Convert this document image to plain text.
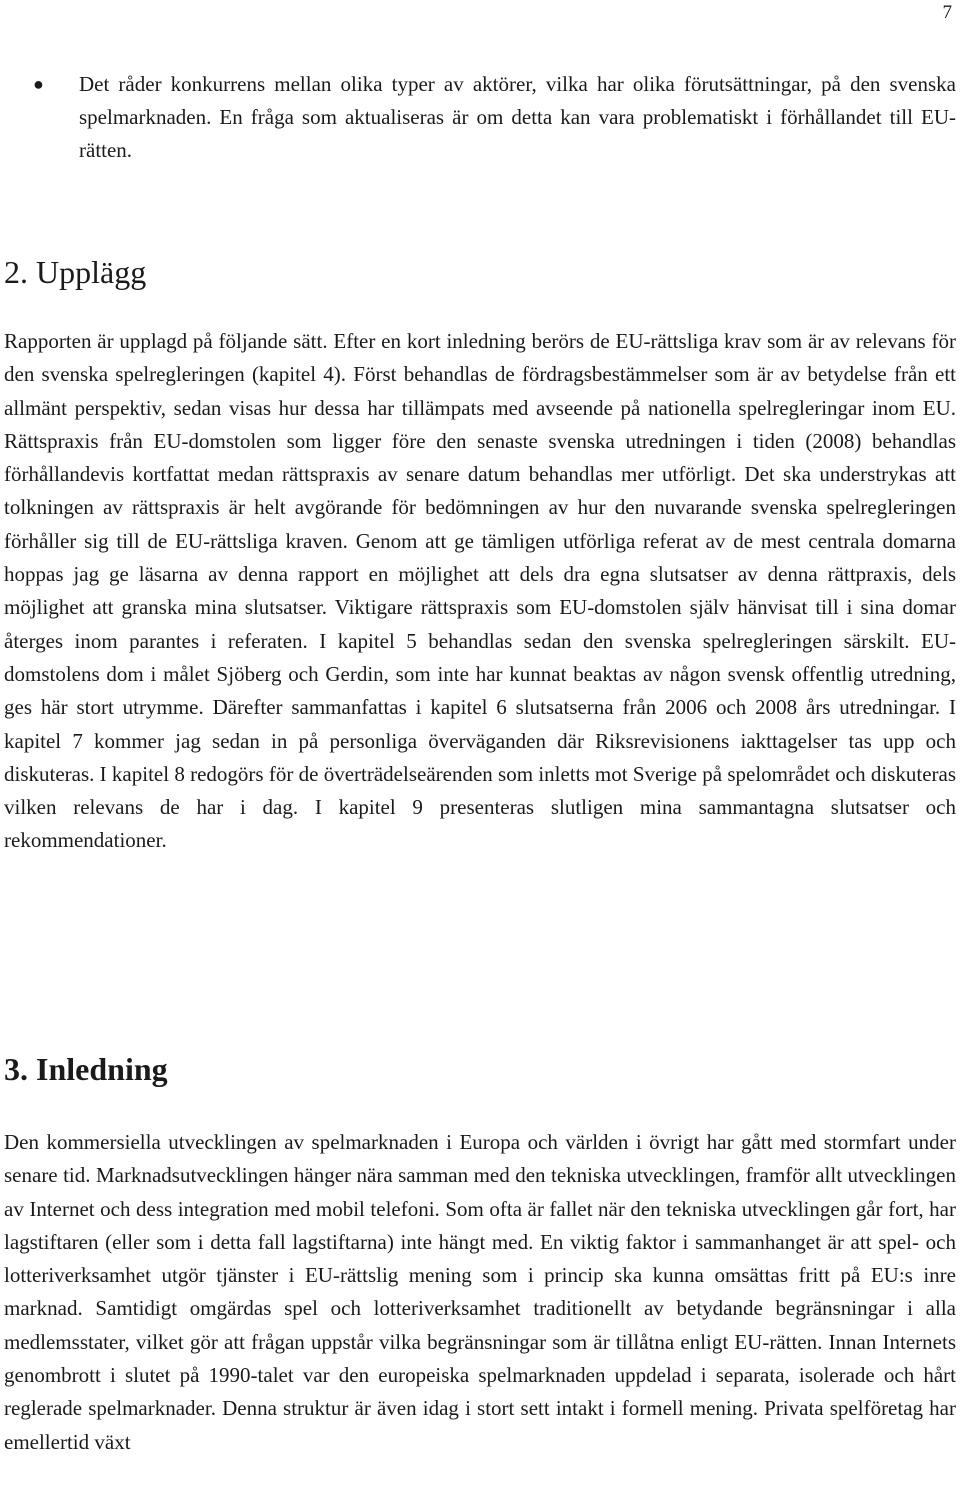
7
● Det råder konkurrens mellan olika typer av aktörer, vilka har olika förutsättningar, på den svenska spelmarknaden. En fråga som aktualiseras är om detta kan vara problematiskt i förhållandet till EU-rätten.
2. Upplägg

Rapporten är upplagd på följande sätt. Efter en kort inledning berörs de EU-rättsliga krav som är av relevans för den svenska spelregleringen (kapitel 4). Först behandlas de fördragsbestämmelser som är av betydelse från ett allmänt perspektiv, sedan visas hur dessa har tillämpats med avseende på nationella spelregleringar inom EU. Rättspraxis från EU-domstolen som ligger före den senaste svenska utredningen i tiden (2008) behandlas förhållandevis kortfattat medan rättspraxis av senare datum behandlas mer utförligt. Det ska understrykas att tolkningen av rättspraxis är helt avgörande för bedömningen av hur den nuvarande svenska spelregleringen förhåller sig till de EU-rättsliga kraven. Genom att ge tämligen utförliga referat av de mest centrala domarna hoppas jag ge läsarna av denna rapport en möjlighet att dels dra egna slutsatser av denna rättpraxis, dels möjlighet att granska mina slutsatser. Viktigare rättspraxis som EU-domstolen själv hänvisat till i sina domar återges inom parantes i referaten. I kapitel 5 behandlas sedan den svenska spelregleringen särskilt. EU-domstolens dom i målet Sjöberg och Gerdin, som inte har kunnat beaktas av någon svensk offentlig utredning, ges här stort utrymme. Därefter sammanfattas i kapitel 6 slutsatserna från 2006 och 2008 års utredningar. I kapitel 7 kommer jag sedan in på personliga överväganden där Riksrevisionens iakttagelser tas upp och diskuteras. I kapitel 8 redogörs för de överträdelseärenden som inletts mot Sverige på spelområdet och diskuteras vilken relevans de har i dag. I kapitel 9 presenteras slutligen mina sammantagna slutsatser och rekommendationer.

3. Inledning

Den kommersiella utvecklingen av spelmarknaden i Europa och världen i övrigt har gått med stormfart under senare tid. Marknadsutvecklingen hänger nära samman med den tekniska utvecklingen, framför allt utvecklingen av Internet och dess integration med mobil telefoni. Som ofta är fallet när den tekniska utvecklingen går fort, har lagstiftaren (eller som i detta fall lagstiftarna) inte hängt med. En viktig faktor i sammanhanget är att spel- och lotteriverksamhet utgör tjänster i EU-rättslig mening som i princip ska kunna omsättas fritt på EU:s inre marknad. Samtidigt omgärdas spel och lotteriverksamhet traditionellt av betydande begränsningar i alla medlemsstater, vilket gör att frågan uppstår vilka begränsningar som är tillåtna enligt EU-rätten. Innan Internets genombrott i slutet på 1990-talet var den europeiska spelmarknaden uppdelad i separata, isolerade och hårt reglerade spelmarknader. Denna struktur är även idag i stort sett intakt i formell mening. Privata spelföretag har emellertid växt
